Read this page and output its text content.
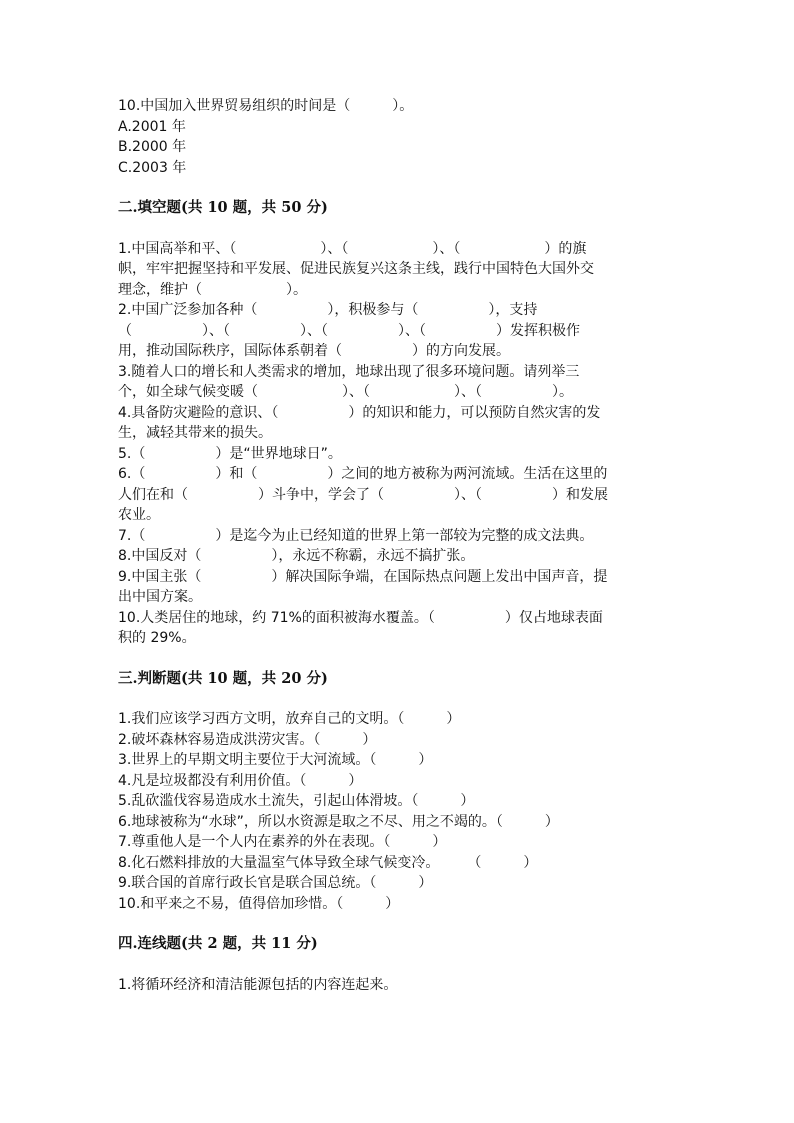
10.中国加入世界贸易组织的时间是（　　　）。
A.2001 年
B.2000 年
C.2003 年
二.填空题(共 10 题，共 50 分)
1.中国高举和平、（　　　　　　）、（　　　　　　）、（　　　　　　）的旗
帜，牢牢把握坚持和平发展、促进民族复兴这条主线，践行中国特色大国外交
理念，维护（　　　　　　）。
2.中国广泛参加各种（　　　　　），积极参与（　　　　　），支持
（　　　　　）、（　　　　　）、（　　　　　）、（　　　　　）发挥积极作
用，推动国际秩序，国际体系朝着（　　　　　）的方向发展。
3.随着人口的增长和人类需求的增加，地球出现了很多环境问题。请列举三
个，如全球气候变暖（　　　　　　）、（　　　　　　）、（　　　　　）。
4.具备防灾避险的意识、（　　　　　）的知识和能力，可以预防自然灾害的发
生，减轻其带来的损失。
5.（　　　　　）是“世界地球日”。
6.（　　　　　）和（　　　　　）之间的地方被称为两河流域。生活在这里的
人们在和（　　　　　）斗争中，学会了（　　　　　）、（　　　　　）和发展
农业。
7.（　　　　　）是迄今为止已经知道的世界上第一部较为完整的成文法典。
8.中国反对（　　　　　），永远不称霸，永远不搞扩张。
9.中国主张（　　　　　）解决国际争端，在国际热点问题上发出中国声音，提
出中国方案。
10.人类居住的地球，约 71%的面积被海水覆盖。（　　　　　）仅占地球表面
积的 29%。
三.判断题(共 10 题，共 20 分)
1.我们应该学习西方文明，放弃自己的文明。（　　　）
2.破坏森林容易造成洪涝灾害。（　　　）
3.世界上的早期文明主要位于大河流域。（　　　）
4.凡是垃圾都没有利用价值。（　　　）
5.乱砍滥伐容易造成水土流失，引起山体滑坡。（　　　）
6.地球被称为“水球”，所以水资源是取之不尽、用之不竭的。（　　　）
7.尊重他人是一个人内在素养的外在表现。（　　　）
8.化石燃料排放的大量温室气体导致全球气候变冷。　　　（　　　）
9.联合国的首席行政长官是联合国总统。（　　　）
10.和平来之不易，值得倍加珍惜。（　　　）
四.连线题(共 2 题，共 11 分)
1.将循环经济和清洁能源包括的内容连起来。
